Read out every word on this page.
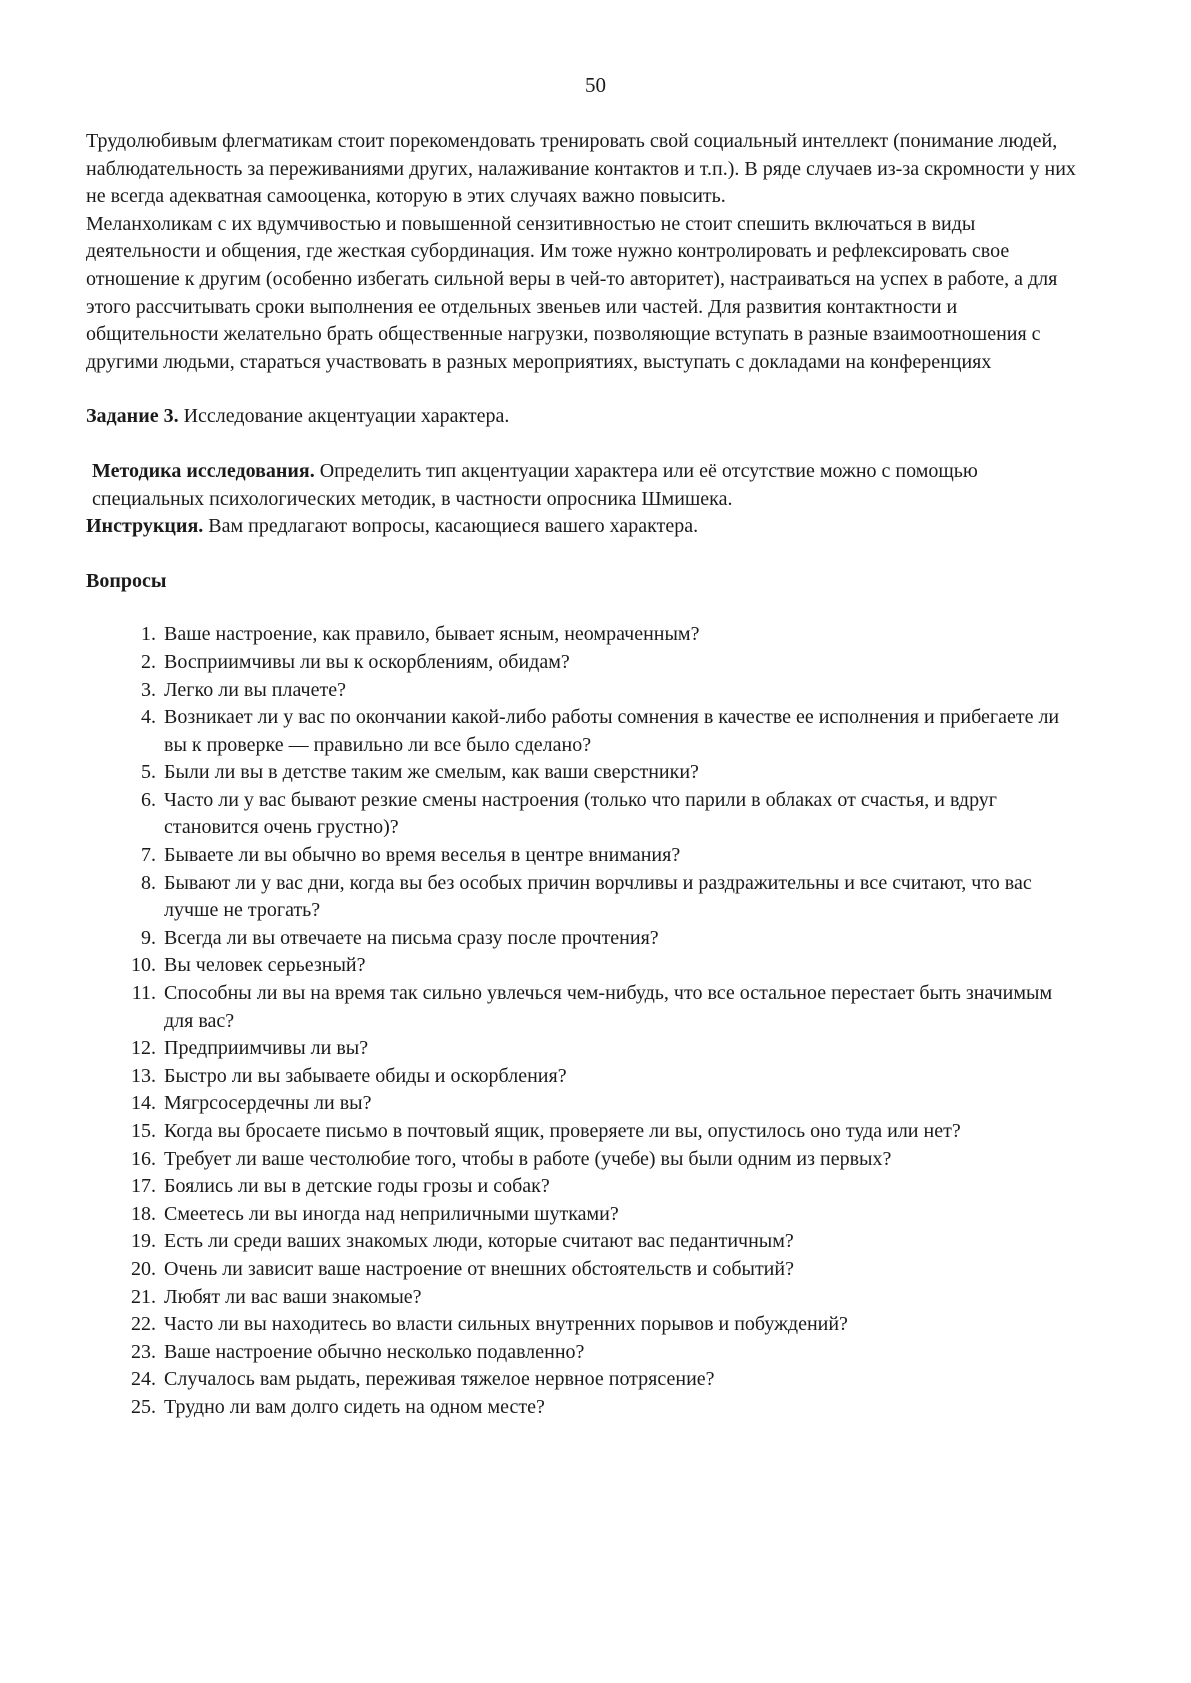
50

Трудолюбивым флегматикам стоит порекомендовать тренировать свой социальный интеллект (понимание людей, наблюдательность за переживаниями других, налаживание контактов и т.п.). В ряде случаев из-за скромности у них не всегда адекватная самооценка, которую в этих случаях важно повысить.

Меланхоликам с их вдумчивостью и повышенной сензитивностью не стоит спешить включаться в виды деятельности и общения, где жесткая субординация. Им тоже нужно контролировать и рефлексировать свое отношение к другим (особенно избегать сильной веры в чей-то авторитет), настраиваться на успех в работе, а для этого рассчитывать сроки выполнения ее отдельных звеньев или частей. Для развития контактности и общительности желательно брать общественные нагрузки, позволяющие вступать в разные взаимоотношения с другими людьми, стараться участвовать в разных мероприятиях, выступать с докладами на конференциях

Задание 3. Исследование акцентуации характера.

Методика исследования. Определить тип акцентуации характера или её отсутствие можно с помощью специальных психологических методик, в частности опросника Шмишека.

Инструкция. Вам предлагают вопросы, касающиеся вашего характера.

Вопросы
1. Ваше настроение, как правило, бывает ясным, неомраченным?
2. Восприимчивы ли вы к оскорблениям, обидам?
3. Легко ли вы плачете?
4. Возникает ли у вас по окончании какой-либо работы сомнения в качестве ее исполнения и прибегаете ли вы к проверке — правильно ли все было сделано?
5. Были ли вы в детстве таким же смелым, как ваши сверстники?
6. Часто ли у вас бывают резкие смены настроения (только что парили в облаках от счастья, и вдруг становится очень грустно)?
7. Бываете ли вы обычно во время веселья в центре внимания?
8. Бывают ли у вас дни, когда вы без особых причин ворчливы и раздражительны и все считают, что вас лучше не трогать?
9. Всегда ли вы отвечаете на письма сразу после прочтения?
10. Вы человек серьезный?
11. Способны ли вы на время так сильно увлечься чем-нибудь, что все остальное перестает быть значимым для вас?
12. Предприимчивы ли вы?
13. Быстро ли вы забываете обиды и оскорбления?
14. Мягрсосердечны ли вы?
15. Когда вы бросаете письмо в почтовый ящик, проверяете ли вы, опустилось оно туда или нет?
16. Требует ли ваше честолюбие того, чтобы в работе (учебе) вы были одним из первых?
17. Боялись ли вы в детские годы грозы и собак?
18. Смеетесь ли вы иногда над неприличными шутками?
19. Есть ли среди ваших знакомых люди, которые считают вас педантичным?
20. Очень ли зависит ваше настроение от внешних обстоятельств и событий?
21. Любят ли вас ваши знакомые?
22. Часто ли вы находитесь во власти сильных внутренних порывов и побуждений?
23. Ваше настроение обычно несколько подавленно?
24. Случалось вам рыдать, переживая тяжелое нервное потрясение?
25. Трудно ли вам долго сидеть на одном месте?
